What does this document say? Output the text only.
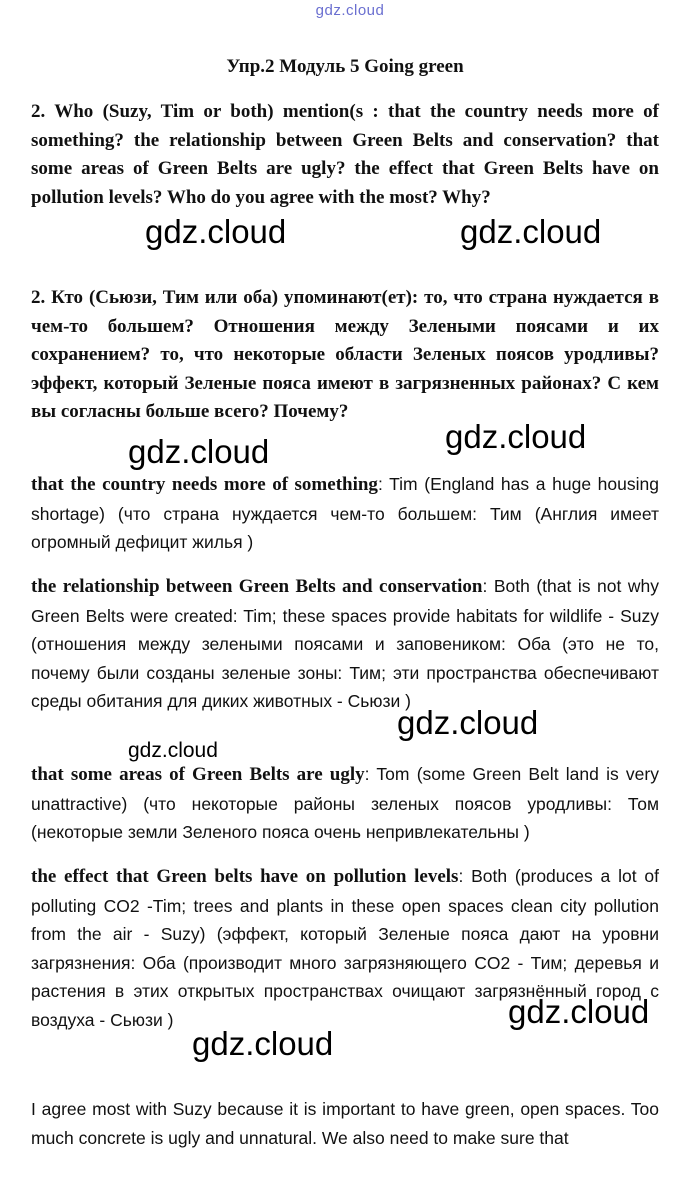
gdz.cloud
Упр.2 Модуль 5 Going green
2. Who (Suzy, Tim or both) mention(s : that the country needs more of something? the relationship between Green Belts and conservation? that some areas of Green Belts are ugly? the effect that Green Belts have on pollution levels? Who do you agree with the most? Why?
2. Кто (Сьюзи, Тим или оба) упоминают(ет): то, что страна нуждается в чем-то большем? Отношения между Зелеными поясами и их сохранением? то, что некоторые области Зеленых поясов уродливы? эффект, который Зеленые пояса имеют в загрязненных районах? С кем вы согласны больше всего? Почему?
that the country needs more of something: Tim (England has a huge housing shortage) (что страна нуждается чем-то большем: Тим (Англия имеет огромный дефицит жилья )
the relationship between Green Belts and conservation: Both (that is not why Green Belts were created: Tim; these spaces provide habitats for wildlife - Suzy (отношения между зелеными поясами и заповеником: Оба (это не то, почему были созданы зеленые зоны: Тим; эти пространства обеспечивают среды обитания для диких животных - Сьюзи )
that some areas of Green Belts are ugly: Tom (some Green Belt land is very unattractive) (что некоторые районы зеленых поясов уродливы: Том (некоторые земли Зеленого пояса очень непривлекательны )
the effect that Green belts have on pollution levels: Both (produces a lot of polluting CO2 -Tim; trees and plants in these open spaces clean city pollution from the air - Suzy) (эффект, который Зеленые пояса дают на уровни загрязнения: Оба (производит много загрязняющего CO2 - Тим; деревья и растения в этих открытых пространствах очищают загрязнённый город с воздуха - Сьюзи )
I agree most with Suzy because it is important to have green, open spaces. Too much concrete is ugly and unnatural. We also need to make sure that
gdz.cloud	gdz.cloud
gdz.cloud
gdz.cloud
gdz.cloud
gdz.cloud
gdz.cloud
gdz.cloud
